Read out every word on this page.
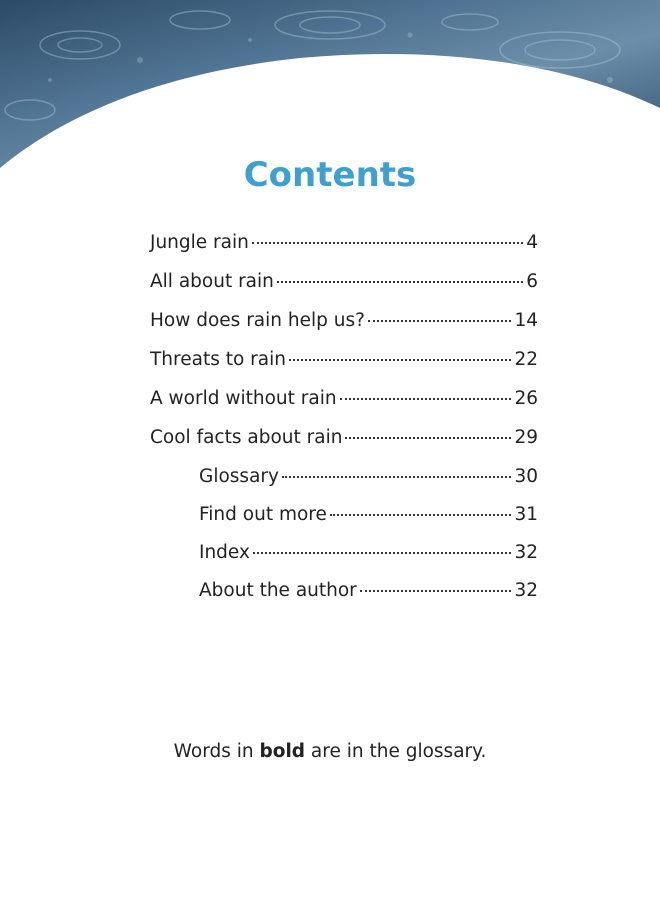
Contents
Jungle rain	4
All about rain	6
How does rain help us?	14
Threats to rain	22
A world without rain	26
Cool facts about rain	29
Glossary	30
Find out more	31
Index	32
About the author	32
Words in bold are in the glossary.
